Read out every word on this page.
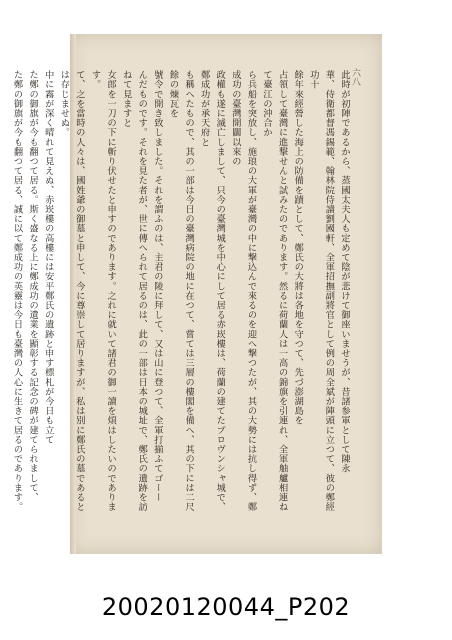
六八

此時が初陣であるから、蒸國太夫人も定めて陰が悲けて御座いませうが、昔諸参軍として陳永

華、侍衛都督馮錫範、翰林院侍讀劉國軒、全軍招撫副將官として例の周全斌が陣頭に立つて、彼の鄭經功十

餘年來經營した海上の防備を蹟として、鄭氏の大將は各地を守つて、先づ澎湖島を

占領して臺灣に進撃せんと試みたのであります。然るに荷蘭人は一高の錦旗を引連れ、全軍舳艫相連ねて臺江の沖合か

ら兵船を突放し、施琅の大軍が臺灣の中に撃込んで來るのを迎へ撃つたが、其の大勢には抗し得ず、鄭成功の臺灣開闢以來の

政權も遂に滅亡しまして、只今の臺灣城を中心にして居る赤崁樓は、荷蘭の建てたプロヴンシャ城で、鄭成功が承天府と

も稱へたもので、其の一部は今日の臺灣病院の地に在つて、嘗ては三層の樓閣を備へ、其の下には二尺餘の煉瓦を

號令で開き致しました。それを謂ふのは、主君の陵に拜して、又は山に登つて、全軍打揃ふてゴーー

んだものです。それを見た者が、世に傳へられて居るのは、此の一部は日本の城址で、鄭氏の遺跡を訪ねて見ますと

女郎を一刀の下に斬り伏せたと申すのであります。之れに就いて諸君の御一讀を煩はしたいのであります。

て、之を當時の人々は、國姓爺の御墓と申して、今に尊崇して居りますが、私は別に鄭氏の墓であるとは存じませぬ。

中に霧が深く晴れて見えぬ、赤崁樓の高樓には安平鄭氏の遺跡と申す標札が今日も立て

た鄭の御旗が今も翻つて居る。斯く盛なる上に鄭成功の遺業を顯彰する記念の碑が建てられまして、

た鄭の御旗が今も翻つて居る、誠に以て鄭成功の英靈は今日も臺灣の人心に生きて居るのであります。

20020120044_P202
